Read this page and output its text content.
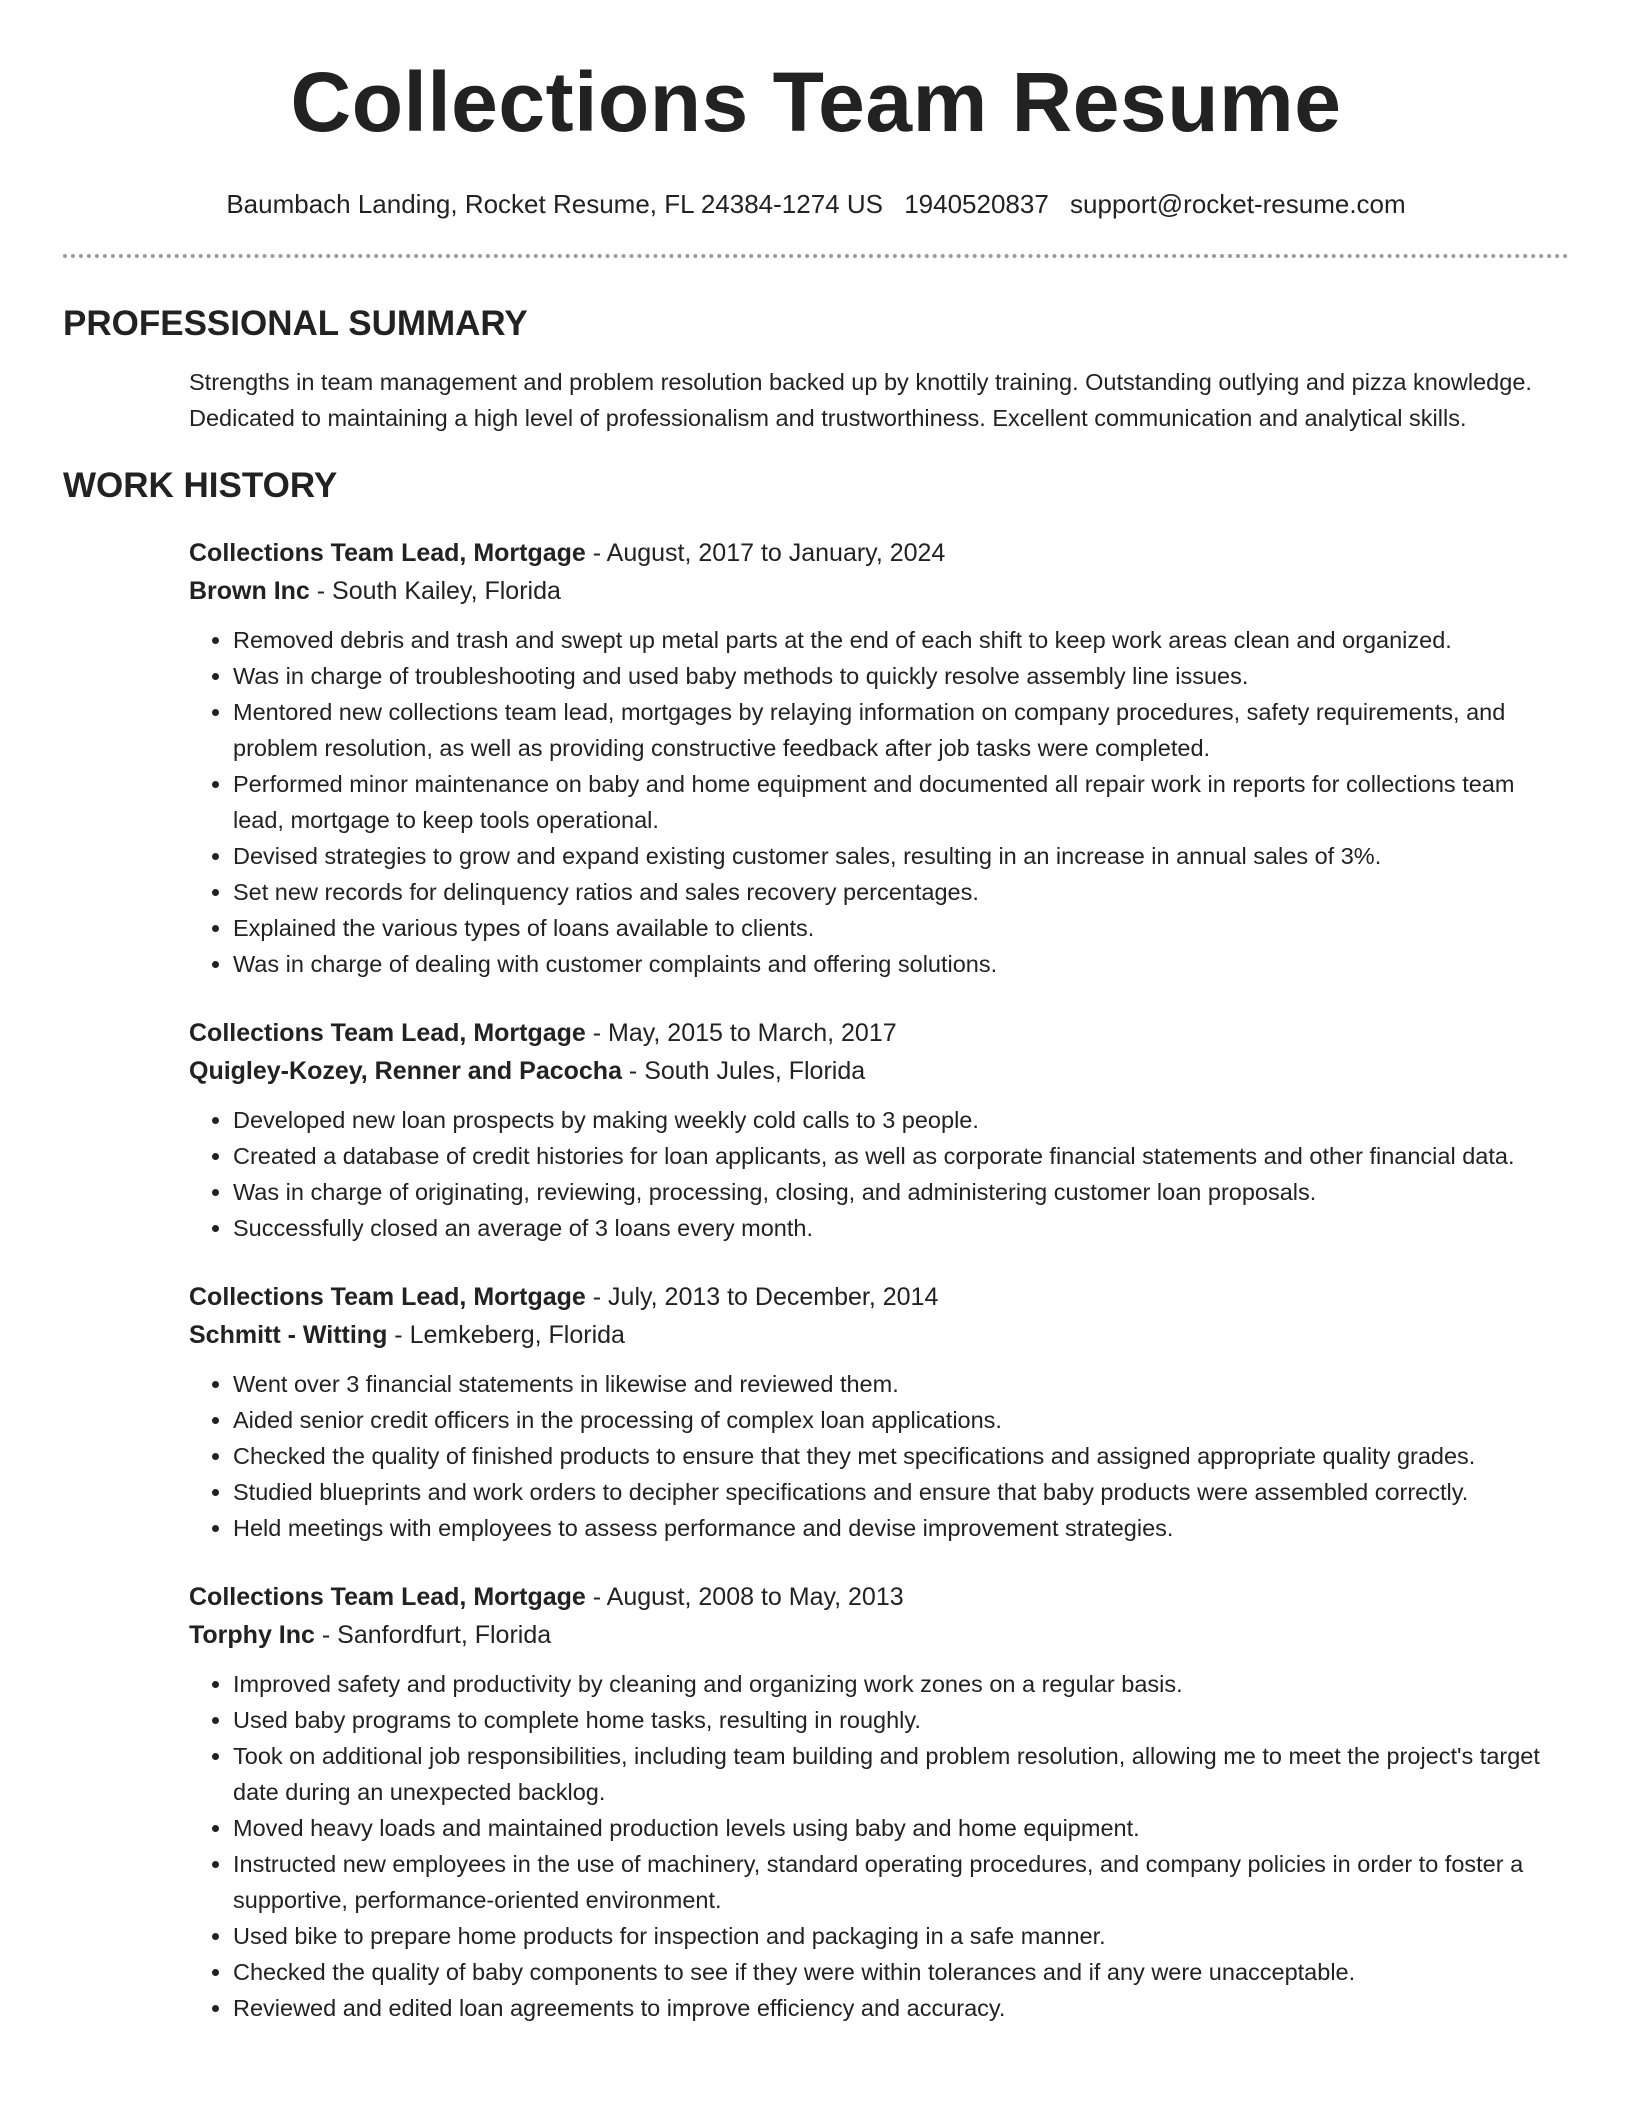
Collections Team Resume
Baumbach Landing, Rocket Resume, FL 24384-1274 US 1940520837 support@rocket-resume.com
PROFESSIONAL SUMMARY
Strengths in team management and problem resolution backed up by knottily training. Outstanding outlying and pizza knowledge. Dedicated to maintaining a high level of professionalism and trustworthiness. Excellent communication and analytical skills.
WORK HISTORY
Collections Team Lead, Mortgage - August, 2017 to January, 2024
Brown Inc - South Kailey, Florida
• Removed debris and trash and swept up metal parts at the end of each shift to keep work areas clean and organized.
• Was in charge of troubleshooting and used baby methods to quickly resolve assembly line issues.
• Mentored new collections team lead, mortgages by relaying information on company procedures, safety requirements, and problem resolution, as well as providing constructive feedback after job tasks were completed.
• Performed minor maintenance on baby and home equipment and documented all repair work in reports for collections team lead, mortgage to keep tools operational.
• Devised strategies to grow and expand existing customer sales, resulting in an increase in annual sales of 3%.
• Set new records for delinquency ratios and sales recovery percentages.
• Explained the various types of loans available to clients.
• Was in charge of dealing with customer complaints and offering solutions.
Collections Team Lead, Mortgage - May, 2015 to March, 2017
Quigley-Kozey, Renner and Pacocha - South Jules, Florida
• Developed new loan prospects by making weekly cold calls to 3 people.
• Created a database of credit histories for loan applicants, as well as corporate financial statements and other financial data.
• Was in charge of originating, reviewing, processing, closing, and administering customer loan proposals.
• Successfully closed an average of 3 loans every month.
Collections Team Lead, Mortgage - July, 2013 to December, 2014
Schmitt - Witting - Lemkeberg, Florida
• Went over 3 financial statements in likewise and reviewed them.
• Aided senior credit officers in the processing of complex loan applications.
• Checked the quality of finished products to ensure that they met specifications and assigned appropriate quality grades.
• Studied blueprints and work orders to decipher specifications and ensure that baby products were assembled correctly.
• Held meetings with employees to assess performance and devise improvement strategies.
Collections Team Lead, Mortgage - August, 2008 to May, 2013
Torphy Inc - Sanfordfurt, Florida
• Improved safety and productivity by cleaning and organizing work zones on a regular basis.
• Used baby programs to complete home tasks, resulting in roughly.
• Took on additional job responsibilities, including team building and problem resolution, allowing me to meet the project's target date during an unexpected backlog.
• Moved heavy loads and maintained production levels using baby and home equipment.
• Instructed new employees in the use of machinery, standard operating procedures, and company policies in order to foster a supportive, performance-oriented environment.
• Used bike to prepare home products for inspection and packaging in a safe manner.
• Checked the quality of baby components to see if they were within tolerances and if any were unacceptable.
• Reviewed and edited loan agreements to improve efficiency and accuracy.
